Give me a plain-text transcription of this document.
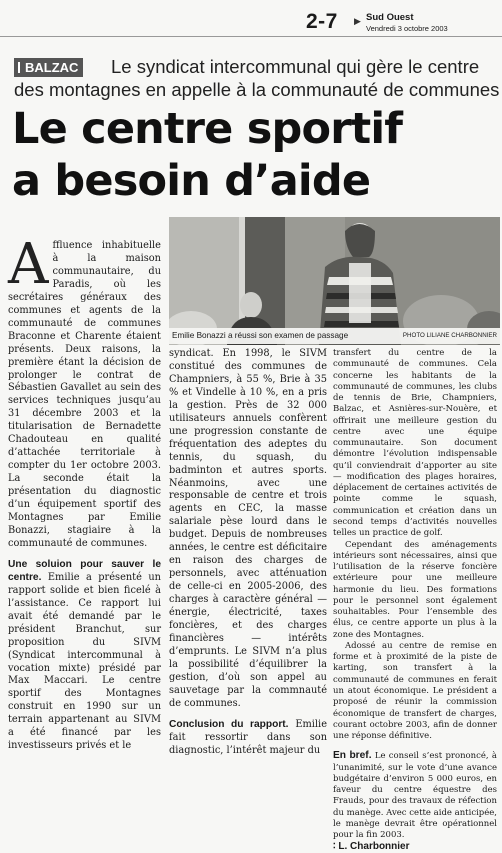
2-7 ▶ Sud Ouest
Vendredi 3 octobre 2003
Le syndicat intercommunal qui gère le centre des montagnes en appelle à la communauté de communes
BALZAC
Le centre sportif
a besoin d’aide
Emilie Bonazzi a réussi son examen de passage	PHOTO LILIANE CHARBONNIER

Affluence inhabituelle à la maison communautaire, du Paradis, où les secrétaires généraux des communes et agents de la communauté de communes Braconne et Charente étaient présents. Deux raisons, la première étant la décision de prolonger le contrat de Sébastien Gavallet au sein des services techniques jusqu’au 31 décembre 2003 et la titularisation de Bernadette Chadouteau en qualité d’attachée territoriale à compter du 1er octobre 2003. La seconde était la présentation du diagnostic d’un équipement sportif des Montagnes par Emilie Bonazzi, stagiaire à la communauté de communes.

Une soluion pour sauver le centre. Emilie a présenté un rapport solide et bien ficelé à l’assistance. Ce rapport lui avait été demandé par le président Branchut, sur proposition du SIVM (Syndicat intercommunal à vocation mixte) présidé par Max Maccari. Le centre sportif des Montagnes construit en 1990 sur un terrain appartenant au SIVM a été financé par les investisseurs privés et le

transfert du centre de la communauté de communes. Cela concerne les habitants de la communauté de communes, les clubs de tennis de Brie, Champniers, Balzac, et Asnières-sur-Nouère, et offrirait une meilleure gestion du centre avec une équipe communautaire. Son document démontre l’évolution indispensable qu’il conviendrait d’apporter au site — modification des plages horaires, déplacement de certaines activités de pointe comme le squash, communication et création dans un second temps d’activités nouvelles telles un practice de golf.

Cependant des aménagements intérieurs sont nécessaires, ainsi que l’utilisation de la réserve foncière extérieure pour une meilleure harmonie du lieu. Des formations pour le personnel sont également souhaitables. Pour l’ensemble des élus, ce centre apporte un plus à la zone des Montagnes.

Adossé au centre de remise en forme et à proximité de la piste de karting, son transfert à la communauté de communes en ferait un atout économique. Le président a proposé de réunir la commission économique de transfert de charges, courant octobre 2003, afin de donner une réponse définitive.

En bref. Le conseil s’est prononcé, à l’unanimité, sur le vote d’une avance budgétaire d’environ 5 000 euros, en faveur du centre équestre des Frauds, pour des travaux de réfection du manège. Avec cette aide anticipée, le manège devrait être opérationnel pour la fin 2003.

∶ L. Charbonnier

syndicat. En 1998, le SIVM constitué des communes de Champniers, à 55 %, Brie à 35 % et Vindelle à 10 %, en a pris la gestion. Près de 32 000 utilisateurs annuels confèrent une progression constante de fréquentation des adeptes du tennis, du squash, du badminton et autres sports. Néanmoins, avec une responsable de centre et trois agents en CEC, la masse salariale pèse lourd dans le budget. Depuis de nombreuses années, le centre est déficitaire en raison des charges de personnels, avec atténuation de celle-ci en 2005-2006, des charges à caractère général — énergie, électricité, taxes foncières, et des charges financières — intérêts d’emprunts. Le SIVM n’a plus la possibilité d’équilibrer la gestion, d’où son appel au sauvetage par la commnauté de communes.

Conclusion du rapport. Emilie fait ressortir dans son diagnostic, l’intérêt majeur du
